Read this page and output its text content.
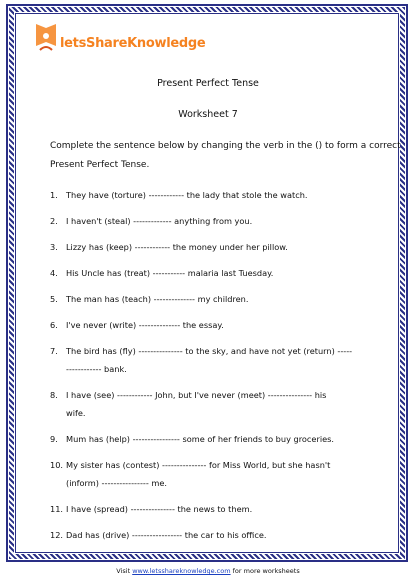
letsShareKnowledge
Present Perfect Tense
Worksheet 7
Complete the sentence below by changing the verb in the () to form a correct
Present Perfect Tense.
1. They have (torture) ------------ the lady that stole the watch.
2. I haven't (steal) ------------- anything from you.
3. Lizzy has (keep) ------------ the money under her pillow.
4. His Uncle has (treat) ----------- malaria last Tuesday.
5. The man has (teach) -------------- my children.
6. I've never (write) -------------- the essay.
7. The bird has (fly) --------------- to the sky, and have not yet (return) -----
------------ bank.
8. I have (see) ------------ John, but I've never (meet) --------------- his
wife.
9. Mum has (help) ---------------- some of her friends to buy groceries.
10. My sister has (contest) --------------- for Miss World, but she hasn't
(inform) ---------------- me.
11. I have (spread) --------------- the news to them.
12. Dad has (drive) ----------------- the car to his office.
Visit www.letsshareknowledge.com for more worksheets
